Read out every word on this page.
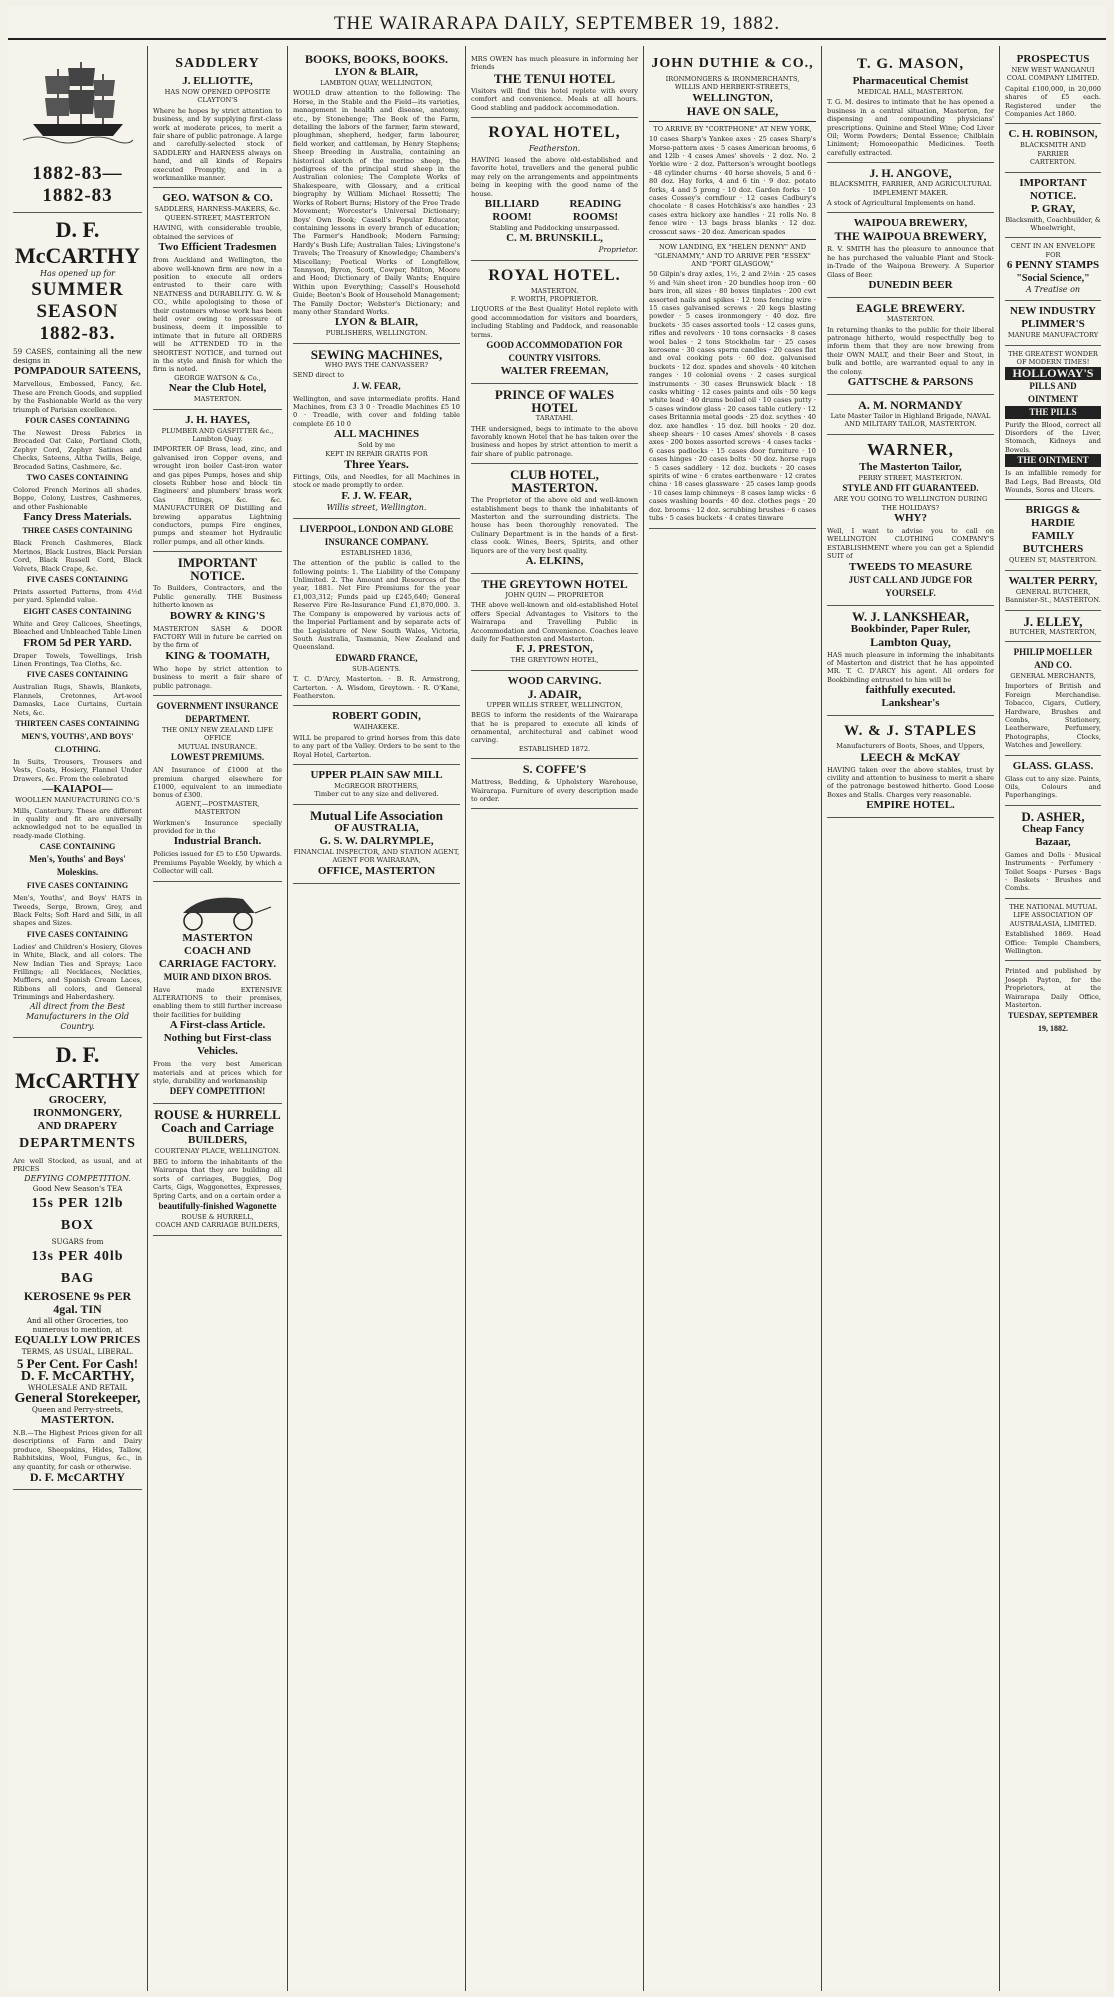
THE WAIRARAPA DAILY, SEPTEMBER 19, 1882.
1882-83—1882-83
D. F. McCARTHY
Has opened up for
SUMMER SEASON
1882-83.
59 CASES, containing all the new designs in
POMPADOUR SATEENS,
Marvellous, Embossed, Fancy, &c. These are French Goods, and supplied by the Fashionable World as the very triumph of Parisian excellence.
FOUR CASES CONTAINING
The Newest Dress Fabrics in Brocaded Oat Cake, Portland Cloth, Zephyr Cord, Zephyr Satines and Checks, Sateens, Altha Twills, Beige, Brocaded Satins, Cashmere, &c.
TWO CASES CONTAINING
Colored French Merinos all shades, Boppe, Colony, Lustres, Cashmeres, and other Fashionable
Fancy Dress Materials.
THREE CASES CONTAINING
Black French Cashmeres, Black Merinos, Black Lustres, Black Persian Cord, Black Russell Cord, Black Velvets, Black Crape, &c.
FIVE CASES CONTAINING
Prints assorted Patterns, from 4½d per yard. Splendid value.
EIGHT CASES CONTAINING
White and Grey Calicoes, Sheetings, Bleached and Unbleached Table Linen
FROM 5d PER YARD.
Draper Towels, Towellings, Irish Linen Frontings, Tea Cloths, &c.
FIVE CASES CONTAINING
Australian Rugs, Shawls, Blankets, Flannels, Cretonnes, Art-wool Damasks, Lace Curtains, Curtain Nets, &c.
THIRTEEN CASES CONTAINING MEN'S, YOUTHS', AND BOYS' CLOTHING.
In Suits, Trousers, Trousers and Vests, Coats, Hosiery, Flannel Under Drawers, &c. From the celebrated
—KAIAPOI—
WOOLLEN MANUFACTURING CO.'S
Mills, Canterbury. These are different in quality and fit are universally acknowledged not to be equalled in ready-made Clothing.
CASE CONTAINING
Men's, Youths' and Boys' Moleskins.
FIVE CASES CONTAINING
Men's, Youths', and Boys' HATS in Tweeds, Serge, Brown, Grey, and Black Felts; Soft Hard and Silk, in all shapes and Sizes.
FIVE CASES CONTAINING
Ladies' and Children's Hosiery, Gloves in White, Black, and all colors. The New Indian Ties and Sprays; Lace Frillings; all Necklaces, Neckties, Mufflers, and Spanish Cream Laces, Ribbons all colors, and General Trimmings and Haberdashery.
All direct from the Best Manufacturers in the Old Country.
D. F. McCARTHY
GROCERY,
IRONMONGERY,
AND DRAPERY
DEPARTMENTS
Are well Stocked, as usual, and at PRICES
DEFYING COMPETITION.
Good New Season's TEA
15s PER 12lb BOX
SUGARS from
13s PER 40lb BAG
KEROSENE 9s PER 4gal. TIN
And all other Groceries, too numerous to mention, at
EQUALLY LOW PRICES
TERMS, AS USUAL, LIBERAL.
5 Per Cent. For Cash!
D. F. McCARTHY,
WHOLESALE AND RETAIL
General Storekeeper,
Queen and Perry-streets,
MASTERTON.
N.B.—The Highest Prices given for all descriptions of Farm and Dairy produce, Sheepskins, Hides, Tallow, Rabbitskins, Wool, Fungus, &c., in any quantity, for cash or otherwise.
D. F. McCARTHY
SADDLERY
J. ELLIOTTE,
HAS NOW OPENED OPPOSITE CLAYTON'S
Where he hopes by strict attention to business, and by supplying first-class work at moderate prices, to merit a fair share of public patronage. A large and carefully-selected stock of SADDLERY and HARNESS always on hand, and all kinds of Repairs executed Promptly, and in a workmanlike manner.
GEO. WATSON & CO.
SADDLERS, HARNESS-MAKERS, &c.
QUEEN-STREET, MASTERTON
HAVING, with considerable trouble, obtained the services of
Two Efficient Tradesmen
from Auckland and Wellington, the above well-known firm are now in a position to execute all orders entrusted to their care with NEATNESS and DURABILITY. G. W. & CO., while apologising to those of their customers whose work has been held over owing to pressure of business, deem it impossible to intimate that in future all ORDERS will be ATTENDED TO in the SHORTEST NOTICE, and turned out in the style and finish for which the firm is noted.
GEORGE WATSON & Co.,
Near the Club Hotel,
MASTERTON.
J. H. HAYES,
PLUMBER AND GASFITTER &c., Lambton Quay.
IMPORTER OF Brass, lead, zinc, and galvanised iron Copper ovens, and wrought iron boiler Cast-iron water and gas pipes Pumps, hoses and ship closets Rubber hose and block tin Engineers' and plumbers' brass work Gas fittings, &c. &c. MANUFACTURER OF Distilling and brewing apparatus Lightning conductors, pumps Fire engines, pumps and steamer hot Hydraulic roller pumps, and all other kinds.
IMPORTANT NOTICE.
To Builders, Contractors, and the Public generally. THE Business hitherto known as
BOWRY & KING'S
MASTERTON SASH & DOOR FACTORY Will in future be carried on by the firm of
KING & TOOMATH,
Who hope by strict attention to business to merit a fair share of public patronage.
GOVERNMENT INSURANCE DEPARTMENT.
THE ONLY NEW ZEALAND LIFE OFFICE
MUTUAL INSURANCE.
LOWEST PREMIUMS.
AN Insurance of £1000 at the premium charged elsewhere for £1000, equivalent to an immediate bonus of £300.
AGENT,—POSTMASTER, MASTERTON
Workmen's Insurance specially provided for in the
Industrial Branch.
Policies issued for £5 to £50 Upwards. Premiums Payable Weekly, by which a Collector will call.
MASTERTON
COACH AND CARRIAGE FACTORY.
MUIR AND DIXON BROS.
Have made EXTENSIVE ALTERATIONS to their premises, enabling them to still further increase their facilities for building
A First-class Article.
Nothing but First-class Vehicles.
From the very best American materials and at prices which for style, durability and workmanship
DEFY COMPETITION!
ROUSE & HURRELL
Coach and Carriage
BUILDERS,
COURTENAY PLACE, WELLINGTON.
BEG to inform the inhabitants of the Wairarapa that they are building all sorts of carriages, Buggies, Dog Carts, Gigs, Waggonettes, Expresses, Spring Carts, and on a certain order a
beautifully-finished Wagonette
ROUSE & HURRELL,
COACH AND CARRIAGE BUILDERS,
BOOKS, BOOKS, BOOKS.
LYON & BLAIR,
LAMBTON QUAY, WELLINGTON,
WOULD draw attention to the following: The Horse, in the Stable and the Field—its varieties, management in health and disease, anatomy, etc., by Stonehenge; The Book of the Farm, detailing the labors of the farmer, farm steward, ploughman, shepherd, hedger, farm labourer, field worker, and cattleman, by Henry Stephens; Sheep Breeding in Australia, containing an historical sketch of the merino sheep, the pedigrees of the principal stud sheep in the Australian colonies; The Complete Works of Shakespeare, with Glossary, and a critical biography by William Michael Rossetti; The Works of Robert Burns; History of the Free Trade Movement; Worcester's Universal Dictionary; Boys' Own Book; Cassell's Popular Educator, containing lessons in every branch of education; The Farmer's Handbook; Modern Farming; Hardy's Bush Life; Australian Tales; Livingstone's Travels; The Treasury of Knowledge; Chambers's Miscellany; Poetical Works of Longfellow, Tennyson, Byron, Scott, Cowper, Milton, Moore and Hood; Dictionary of Daily Wants; Enquire Within upon Everything; Cassell's Household Guide; Beeton's Book of Household Management; The Family Doctor; Webster's Dictionary; and many other Standard Works.
LYON & BLAIR,
PUBLISHERS, WELLINGTON.
SEWING MACHINES,
WHO PAYS THE CANVASSER?
SEND direct to
J. W. FEAR,
Wellington, and save intermediate profits. Hand Machines, from £3 3 0 · Treadle Machines £5 10 0 · Treadle, with cover and folding table complete £6 10 0
ALL MACHINES
Sold by me
KEPT IN REPAIR GRATIS FOR
Three Years.
Fittings, Oils, and Needles, for all Machines in stock or made promptly to order.
F. J. W. FEAR,
Willis street, Wellington.
LIVERPOOL, LONDON AND GLOBE INSURANCE COMPANY.
ESTABLISHED 1836,
The attention of the public is called to the following points: 1. The Liability of the Company Unlimited. 2. The Amount and Resources of the year, 1881. Net Fire Premiums for the year £1,003,312; Funds paid up £245,640; General Reserve Fire Re-Insurance Fund £1,870,000. 3. The Company is empowered by various acts of the Imperial Parliament and by separate acts of the Legislature of New South Wales, Victoria, South Australia, Tasmania, New Zealand and Queensland.
EDWARD FRANCE,
SUB-AGENTS.
T. C. D'Arcy, Masterton. · B. R. Armstrong, Carterton. · A. Wisdom, Greytown. · R. O'Kane, Featherston.
ROBERT GODIN,
WAIHAKEKE.
WILL be prepared to grind horses from this date to any part of the Valley. Orders to be sent to the Royal Hotel, Carterton.
UPPER PLAIN SAW MILL
McGREGOR BROTHERS,
Timber cut to any size and delivered.
Mutual Life Association
OF AUSTRALIA,
G. S. W. DALRYMPLE,
FINANCIAL INSPECTOR, AND STATION AGENT,
AGENT FOR WAIRARAPA,
OFFICE, MASTERTON
MRS OWEN has much pleasure in informing her friends
THE TENUI HOTEL
Visitors will find this hotel replete with every comfort and convenience. Meals at all hours. Good stabling and paddock accommodation.
ROYAL HOTEL,
Featherston.
HAVING leased the above old-established and favorite hotel, travellers and the general public may rely on the arrangements and appointments being in keeping with the good name of the house.
BILLIARD ROOM!
READING ROOMS!
Stabling and Paddocking unsurpassed.
C. M. BRUNSKILL,
Proprietor.
ROYAL HOTEL.
MASTERTON.
F. WORTH, PROPRIETOR.
LIQUORS of the Best Quality! Hotel replete with good accommodation for visitors and boarders, including Stabling and Paddock, and reasonable terms.
GOOD ACCOMMODATION FOR COUNTRY VISITORS.
WALTER FREEMAN,
PRINCE OF WALES HOTEL
TARATAHI.
THE undersigned, begs to intimate to the above favorably known Hotel that he has taken over the business and hopes by strict attention to merit a fair share of public patronage.
CLUB HOTEL, MASTERTON.
The Proprietor of the above old and well-known establishment begs to thank the inhabitants of Masterton and the surrounding districts. The house has been thoroughly renovated. The Culinary Department is in the hands of a first-class cook. Wines, Beers, Spirits, and other liquors are of the very best quality.
A. ELKINS,
THE GREYTOWN HOTEL
JOHN QUIN — PROPRIETOR
THE above well-known and old-established Hotel offers Special Advantages to Visitors to the Wairarapa and Travelling Public in Accommodation and Convenience. Coaches leave daily for Featherston and Masterton.
F. J. PRESTON,
THE GREYTOWN HOTEL,
WOOD CARVING.
J. ADAIR,
UPPER WILLIS STREET, WELLINGTON,
BEGS to inform the residents of the Wairarapa that he is prepared to execute all kinds of ornamental, architectural and cabinet wood carving.
ESTABLISHED 1872.
S. COFFE'S
Mattress, Bedding, & Upholstery Warehouse, Wairarapa. Furniture of every description made to order.
JOHN DUTHIE & CO.,
IRONMONGERS & IRONMERCHANTS,
WILLIS AND HERBERT-STREETS,
WELLINGTON,
HAVE ON SALE,
TO ARRIVE BY "CORTPHONE" AT NEW YORK,
10 cases Sharp's Yankee axes · 25 cases Sharp's Morse-pattern axes · 5 cases American brooms, 6 and 12lb · 4 cases Ames' shovels · 2 doz. No. 2 Yorkie wire · 2 doz. Patterson's wrought bootlegs · 48 cylinder churns · 40 horse shovels, 5 and 6 · 80 doz. Hay forks, 4 and 6 tin · 9 doz. potato forks, 4 and 5 prong · 10 doz. Garden forks · 10 cases Cossey's cornflour · 12 cases Cadbury's chocolate · 8 cases Hotchkiss's axe handles · 23 cases extra hickory axe handles · 21 rolls No. 8 fence wire · 13 bags brass blanks · 12 doz. crosscut saws · 20 doz. American spades
NOW LANDING, EX "HELEN DENNY" AND "GLENAMMY," AND TO ARRIVE PER "ESSEX" AND "PORT GLASGOW,"
50 Gilpin's dray axles, 1½, 2 and 2½in · 25 cases ½ and ¾in sheet iron · 20 bundles hoop iron · 60 bars iron, all sizes · 80 boxes tinplates · 200 cwt assorted nails and spikes · 12 tons fencing wire · 15 cases galvanised screws · 20 kegs blasting powder · 5 cases ironmongery · 40 doz. fire buckets · 35 cases assorted tools · 12 cases guns, rifles and revolvers · 10 tons cornsacks · 8 cases wool bales · 2 tons Stockholm tar · 25 cases kerosene · 30 cases sperm candles · 20 cases flat and oval cooking pots · 60 doz. galvanised buckets · 12 doz. spades and shovels · 40 kitchen ranges · 10 colonial ovens · 2 cases surgical instruments · 30 cases Brunswick black · 18 casks whiting · 12 cases paints and oils · 50 kegs white lead · 40 drums boiled oil · 10 cases putty · 5 cases window glass · 20 cases table cutlery · 12 cases Britannia metal goods · 25 doz. scythes · 40 doz. axe handles · 15 doz. bill hooks · 20 doz. sheep shears · 10 cases Ames' shovels · 8 cases axes · 200 boxes assorted screws · 4 cases tacks · 6 cases padlocks · 15 cases door furniture · 10 cases hinges · 20 cases bolts · 50 doz. horse rugs · 5 cases saddlery · 12 doz. buckets · 20 cases spirits of wine · 6 crates earthenware · 12 crates china · 18 cases glassware · 25 cases lamp goods · 10 cases lamp chimneys · 8 cases lamp wicks · 6 cases washing boards · 40 doz. clothes pegs · 20 doz. brooms · 12 doz. scrubbing brushes · 6 cases tubs · 5 cases buckets · 4 crates tinware
T. G. MASON,
Pharmaceutical Chemist
MEDICAL HALL, MASTERTON.
T. G. M. desires to intimate that he has opened a business in a central situation, Masterton, for dispensing and compounding physicians' prescriptions. Quinine and Steel Wine; Cod Liver Oil; Worm Powders; Dental Essence; Chilblain Liniment; Homoeopathic Medicines. Teeth carefully extracted.
J. H. ANGOVE,
BLACKSMITH, FARRIER, AND AGRICULTURAL IMPLEMENT MAKER.
A stock of Agricultural Implements on hand.
WAIPOUA BREWERY,
THE WAIPOUA BREWERY,
R. V. SMITH has the pleasure to announce that he has purchased the valuable Plant and Stock-in-Trade of the Waipoua Brewery. A Superior Glass of Beer.
DUNEDIN BEER
EAGLE BREWERY.
MASTERTON.
In returning thanks to the public for their liberal patronage hitherto, would respectfully beg to inform them that they are now brewing from their OWN MALT, and their Beer and Stout, in bulk and bottle, are warranted equal to any in the colony.
GATTSCHE & PARSONS
A. M. NORMANDY
Late Master Tailor in Highland Brigade, NAVAL AND MILITARY TAILOR, MASTERTON.
WARNER,
The Masterton Tailor,
PERRY STREET, MASTERTON.
STYLE AND FIT GUARANTEED.
ARE YOU GOING TO WELLINGTON DURING THE HOLIDAYS?
WHY?
Well, I want to advise you to call on WELLINGTON CLOTHING COMPANY'S ESTABLISHMENT where you can get a Splendid SUIT of
TWEEDS TO MEASURE
JUST CALL AND JUDGE FOR YOURSELF.
W. J. LANKSHEAR,
Bookbinder, Paper Ruler,
Lambton Quay,
HAS much pleasure in informing the inhabitants of Masterton and district that he has appointed MR. T. C. D'ARCY his agent. All orders for Bookbinding entrusted to him will be
faithfully executed.
Lankshear's
W. & J. STAPLES
Manufacturers of Boots, Shoes, and Uppers,
LEECH & McKAY
HAVING taken over the above stables, trust by civility and attention to business to merit a share of the patronage bestowed hitherto. Good Loose Boxes and Stalls. Charges very reasonable.
EMPIRE HOTEL.
PROSPECTUS
NEW WEST WANGANUI COAL COMPANY LIMITED.
Capital £100,000, in 20,000 shares of £5 each. Registered under the Companies Act 1860.
C. H. ROBINSON,
BLACKSMITH AND FARRIER
CARTERTON.
IMPORTANT NOTICE.
P. GRAY,
Blacksmith, Coachbuilder, & Wheelwright,
CENT IN AN ENVELOPE FOR
6 PENNY STAMPS
"Social Science,"
A Treatise on
NEW INDUSTRY
PLIMMER'S
MANURE MANUFACTORY
THE GREATEST WONDER OF MODERN TIMES!
HOLLOWAY'S
PILLS AND OINTMENT
THE PILLS
Purify the Blood, correct all Disorders of the Liver, Stomach, Kidneys and Bowels.
THE OINTMENT
Is an infallible remedy for Bad Legs, Bad Breasts, Old Wounds, Sores and Ulcers.
BRIGGS & HARDIE
FAMILY BUTCHERS
QUEEN ST, MASTERTON.
WALTER PERRY,
GENERAL BUTCHER, Bannister-St., MASTERTON.
J. ELLEY,
BUTCHER, MASTERTON,
PHILIP MOELLER AND CO.
GENERAL MERCHANTS,
Importers of British and Foreign Merchandise. Tobacco, Cigars, Cutlery, Hardware, Brushes and Combs, Stationery, Leatherware, Perfumery, Photographs, Clocks, Watches and Jewellery.
GLASS. GLASS.
Glass cut to any size. Paints, Oils, Colours and Paperhangings.
D. ASHER,
Cheap Fancy Bazaar,
Games and Dolls · Musical Instruments · Perfumery · Toilet Soaps · Purses · Bags · Baskets · Brushes and Combs.
THE NATIONAL MUTUAL LIFE ASSOCIATION OF AUSTRALASIA, LIMITED.
Established 1869. Head Office: Temple Chambers, Wellington.
Printed and published by Joseph Payton, for the Proprietors, at the Wairarapa Daily Office, Masterton.
TUESDAY, SEPTEMBER 19, 1882.
